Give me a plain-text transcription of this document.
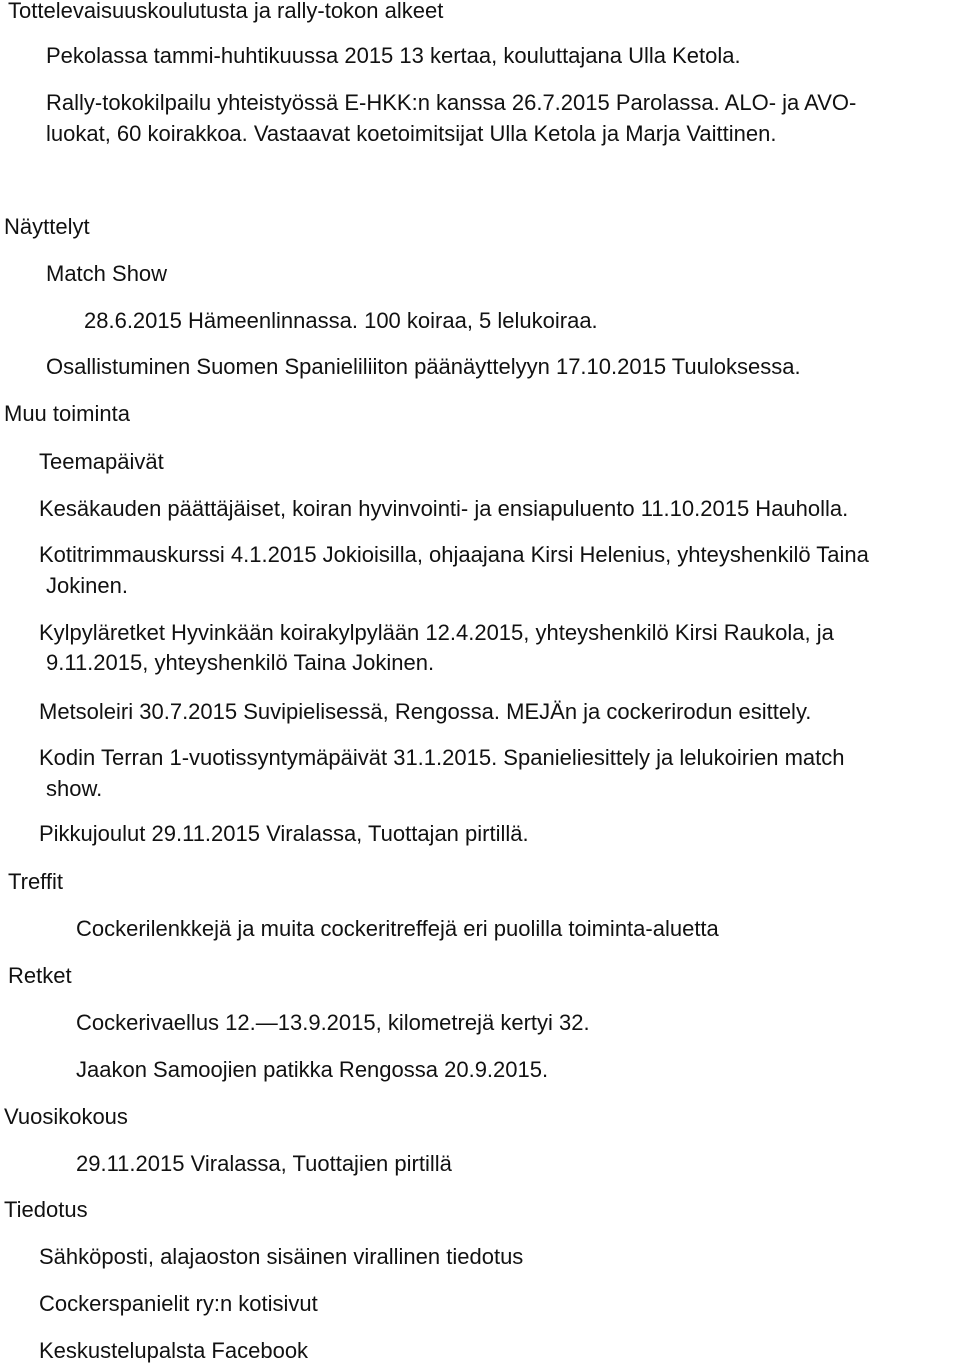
Tottelevaisuuskoulutusta ja rally-tokon alkeet

Pekolassa tammi-huhtikuussa 2015 13 kertaa, kouluttajana Ulla Ketola.

Rally-tokokilpailu yhteistyössä E-HKK:n kanssa 26.7.2015 Parolassa. ALO- ja AVO-

luokat, 60 koirakkoa. Vastaavat koetoimitsijat Ulla Ketola ja Marja Vaittinen.

Näyttelyt

Match Show

28.6.2015 Hämeenlinnassa. 100 koiraa, 5 lelukoiraa.

Osallistuminen Suomen Spanieliliiton päänäyttelyyn 17.10.2015 Tuuloksessa.

Muu toiminta

Teemapäivät

Kesäkauden päättäjäiset, koiran hyvinvointi- ja ensiapuluento 11.10.2015 Hauholla.

Kotitrimmauskurssi 4.1.2015 Jokioisilla, ohjaajana Kirsi Helenius, yhteyshenkilö Taina

Jokinen.

Kylpyläretket Hyvinkään koirakylpylään 12.4.2015, yhteyshenkilö Kirsi Raukola, ja

9.11.2015, yhteyshenkilö Taina Jokinen.

Metsoleiri 30.7.2015 Suvipielisessä, Rengossa. MEJÄn ja cockerirodun esittely.

Kodin Terran 1-vuotissyntymäpäivät 31.1.2015. Spanieliesittely ja lelukoirien match

show.

Pikkujoulut 29.11.2015 Viralassa, Tuottajan pirtillä.

Treffit

Cockerilenkkejä ja muita cockeritreffejä eri puolilla toiminta-aluetta

Retket

Cockerivaellus 12.—13.9.2015, kilometrejä kertyi 32.

Jaakon Samoojien patikka Rengossa 20.9.2015.

Vuosikokous

29.11.2015 Viralassa, Tuottajien pirtillä

Tiedotus

Sähköposti, alajaoston sisäinen virallinen tiedotus

Cockerspanielit ry:n kotisivut

Keskustelupalsta Facebook
